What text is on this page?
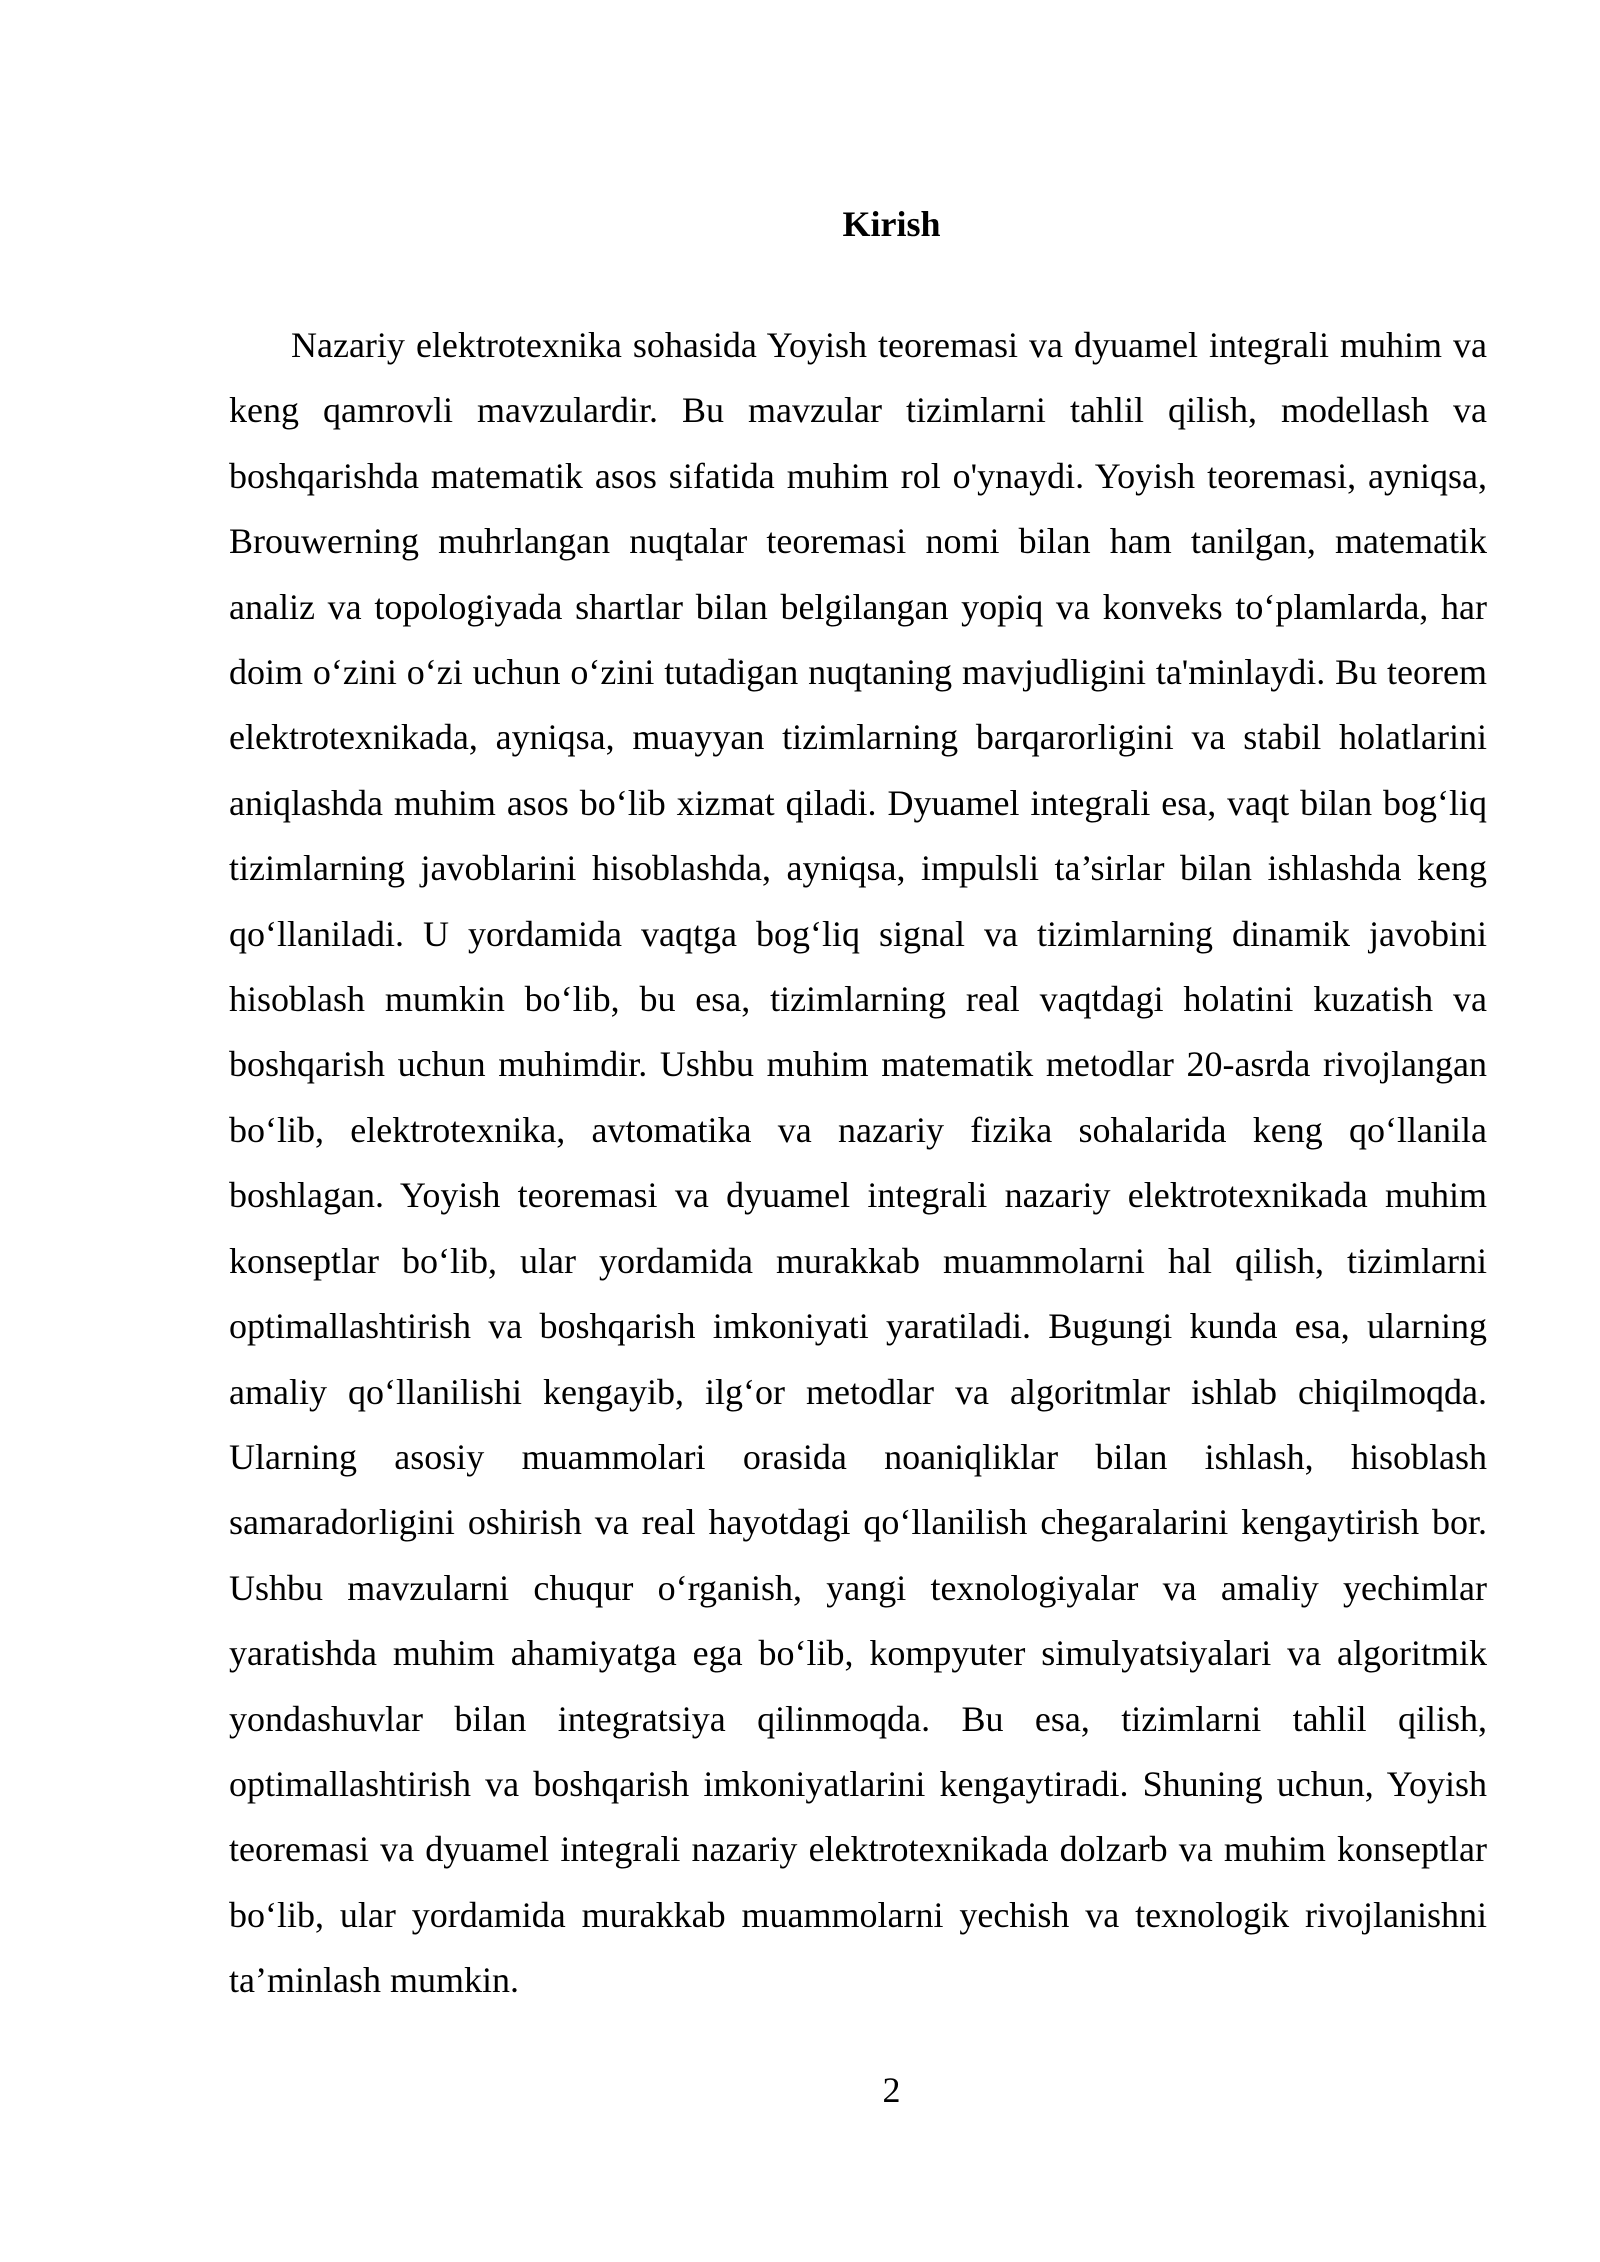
Kirish

Nazariy elektrotexnika sohasida Yoyish teoremasi va dyuamel integrali muhim va keng qamrovli mavzulardir. Bu mavzular tizimlarni tahlil qilish, modellash va boshqarishda matematik asos sifatida muhim rol o'ynaydi. Yoyish teoremasi, ayniqsa, Brouwerning muhrlangan nuqtalar teoremasi nomi bilan ham tanilgan, matematik analiz va topologiyada shartlar bilan belgilangan yopiq va konveks to‘plamlarda, har doim o‘zini o‘zi uchun o‘zini tutadigan nuqtaning mavjudligini ta'minlaydi. Bu teorem elektrotexnikada, ayniqsa, muayyan tizimlarning barqarorligini va stabil holatlarini aniqlashda muhim asos bo‘lib xizmat qiladi. Dyuamel integrali esa, vaqt bilan bog‘liq tizimlarning javoblarini hisoblashda, ayniqsa, impulsli ta’sirlar bilan ishlashda keng qo‘llaniladi. U yordamida vaqtga bog‘liq signal va tizimlarning dinamik javobini hisoblash mumkin bo‘lib, bu esa, tizimlarning real vaqtdagi holatini kuzatish va boshqarish uchun muhimdir. Ushbu muhim matematik metodlar 20-asrda rivojlangan bo‘lib, elektrotexnika, avtomatika va nazariy fizika sohalarida keng qo‘llanila boshlagan. Yoyish teoremasi va dyuamel integrali nazariy elektrotexnikada muhim konseptlar bo‘lib, ular yordamida murakkab muammolarni hal qilish, tizimlarni optimallashtirish va boshqarish imkoniyati yaratiladi. Bugungi kunda esa, ularning amaliy qo‘llanilishi kengayib, ilg‘or metodlar va algoritmlar ishlab chiqilmoqda. Ularning asosiy muammolari orasida noaniqliklar bilan ishlash, hisoblash samaradorligini oshirish va real hayotdagi qo‘llanilish chegaralarini kengaytirish bor. Ushbu mavzularni chuqur o‘rganish, yangi texnologiyalar va amaliy yechimlar yaratishda muhim ahamiyatga ega bo‘lib, kompyuter simulyatsiyalari va algoritmik yondashuvlar bilan integratsiya qilinmoqda. Bu esa, tizimlarni tahlil qilish, optimallashtirish va boshqarish imkoniyatlarini kengaytiradi. Shuning uchun, Yoyish teoremasi va dyuamel integrali nazariy elektrotexnikada dolzarb va muhim konseptlar bo‘lib, ular yordamida murakkab muammolarni yechish va texnologik rivojlanishni ta’minlash mumkin.

2
